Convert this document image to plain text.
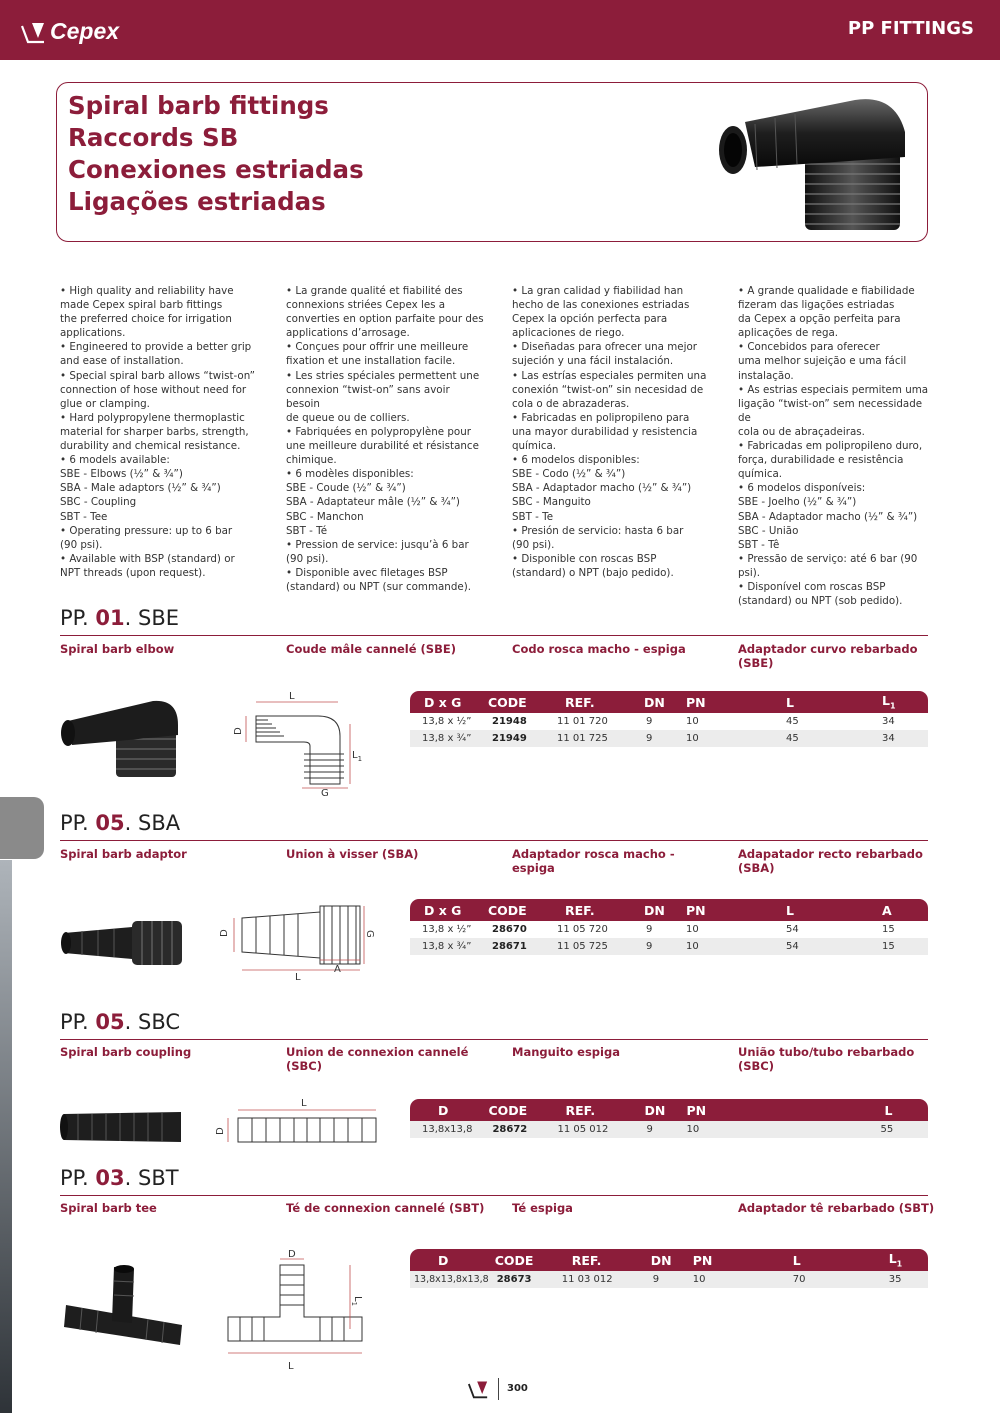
Cepex	PP FITTINGS
Spiral barb fittings
Raccords SB
Conexiones estriadas
Ligações estriadas
• High quality and reliability have
made Cepex spiral barb fittings
the preferred choice for irrigation
applications.
• Engineered to provide a better grip
and ease of installation.
• Special spiral barb allows “twist-on”
connection of hose without need for
glue or clamping.
• Hard polypropylene thermoplastic
material for sharper barbs, strength,
durability and chemical resistance.
• 6 models available:
SBE - Elbows (½” & ¾”)
SBA - Male adaptors (½” & ¾”)
SBC - Coupling
SBT - Tee
• Operating pressure: up to 6 bar
(90 psi).
• Available with BSP (standard) or
NPT threads (upon request).
• La grande qualité et fiabilité des
connexions striées Cepex les a
converties en option parfaite pour des
applications d’arrosage.
• Conçues pour offrir une meilleure
fixation et une installation facile.
• Les stries spéciales permettent une
connexion “twist-on” sans avoir besoin
de queue ou de colliers.
• Fabriquées en polypropylène pour
une meilleure durabilité et résistance
chimique.
• 6 modèles disponibles:
SBE - Coude (½” & ¾”)
SBA - Adaptateur mâle (½” & ¾”)
SBC - Manchon
SBT - Té
• Pression de service: jusqu’à 6 bar
(90 psi).
• Disponible avec filetages BSP
(standard) ou NPT (sur commande).
• La gran calidad y fiabilidad han
hecho de las conexiones estriadas
Cepex la opción perfecta para
aplicaciones de riego.
• Diseñadas para ofrecer una mejor
sujeción y una fácil instalación.
• Las estrías especiales permiten una
conexión “twist-on” sin necesidad de
cola o de abrazaderas.
• Fabricadas en polipropileno para
una mayor durabilidad y resistencia
química.
• 6 modelos disponibles:
SBE - Codo (½” & ¾”)
SBA - Adaptador macho (½” & ¾”)
SBC - Manguito
SBT - Te
• Presión de servicio: hasta 6 bar
(90 psi).
• Disponible con roscas BSP
(standard) o NPT (bajo pedido).
• A grande qualidade e fiabilidade
fizeram das ligações estriadas
da Cepex a opção perfeita para
aplicações de rega.
• Concebidos para oferecer
uma melhor sujeição e uma fácil
instalação.
• As estrias especiais permitem uma
ligação “twist-on” sem necessidade de
cola ou de abraçadeiras.
• Fabricadas em polipropileno duro,
força, durabilidade e resistência
química.
• 6 modelos disponíveis:
SBE - Joelho (½” & ¾”)
SBA - Adaptador macho (½” & ¾”)
SBC - União
SBT - Tê
• Pressão de serviço: até 6 bar (90
psi).
• Disponível com roscas BSP
(standard) ou NPT (sob pedido).
PP. 01. SBE
Spiral barb elbow	Coude mâle cannelé (SBE)	Codo rosca macho - espiga	Adaptador curvo rebarbado (SBE)
L
D
G
$L_1$
D x G	CODE	REF.	DN	PN	L	$L_1$
13,8 x ½”	21948	11 01 720	9	10	45	34
13,8 x ¾”	21949	11 01 725	9	10	45	34
PP. 05. SBA
Spiral barb adaptor	Union à visser (SBA)	Adaptador rosca macho - espiga
Adapatador recto rebarbado (SBA)
D	G
L
A
D x G	CODE	REF.	DN	PN	L	A
13,8 x ½”	28670	11 05 720	9	10	54	15
13,8 x ¾”	28671	11 05 725	9	10	54	15
PP. 05. SBC
Spiral barb coupling	Union de connexion cannelé (SBC)
Manguito espiga	União tubo/tubo rebarbado (SBC)
L
D
D	CODE	REF.	DN	PN	L
13,8x13,8	28672	11 05 012	9	10	55
PP. 03. SBT
Spiral barb tee	Té de connexion cannelé (SBT)	Té espiga	Adaptador tê rebarbado (SBT)
D
L
$L_1$
D	CODE	REF.	DN	PN	L	$L_1$
13,8x13,8x13,8	28673	11 03 012	9	10	70	35
300
